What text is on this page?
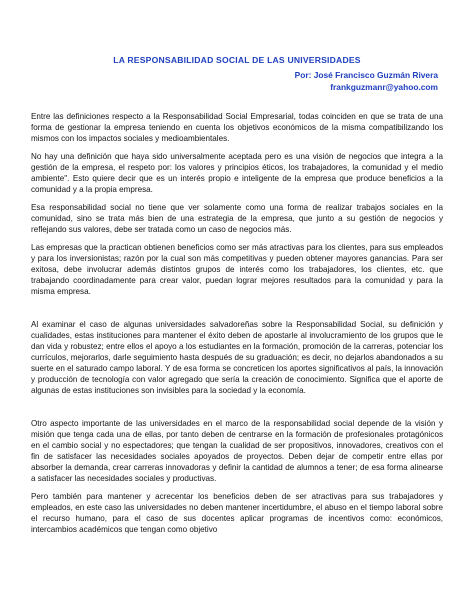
LA RESPONSABILIDAD SOCIAL DE LAS UNIVERSIDADES
Por: José Francisco Guzmán Rivera
frankguzmanr@yahoo.com

Entre las definiciones respecto a la Responsabilidad Social Empresarial, todas coinciden en que se trata de una forma de gestionar la empresa teniendo en cuenta los objetivos económicos de la misma compatibilizando los mismos con los impactos sociales y medioambientales.

No hay una definición que haya sido universalmente aceptada pero es una visión de negocios que integra a la gestión de la empresa, el respeto por: los valores y principios éticos, los trabajadores, la comunidad y el medio ambiente". Esto quiere decir que es un interés propio e inteligente de la empresa que produce beneficios a la comunidad y a la propia empresa.

Esa responsabilidad social no tiene que ver solamente como una forma de realizar trabajos sociales en la comunidad, sino se trata más bien de una estrategia de la empresa, que junto a su gestión de negocios y reflejando sus valores, debe ser tratada como un caso de negocios más.

Las empresas que la practican obtienen beneficios como ser más atractivas para los clientes, para sus empleados y para los inversionistas; razón por la cual son más competitivas y pueden obtener mayores ganancias. Para ser exitosa, debe involucrar además distintos grupos de interés como los trabajadores, los clientes, etc. que trabajando coordinadamente para crear valor, puedan lograr mejores resultados para la comunidad y para la misma empresa.

Al examinar el caso de algunas universidades salvadoreñas sobre la Responsabilidad Social, su definición y cualidades, estas instituciones para mantener el éxito deben de apostarle al involucramiento de los grupos que le dan vida y robustez; entre ellos el apoyo a los estudiantes en la formación, promoción de la carreras, potenciar los currículos, mejorarlos, darle seguimiento hasta después de su graduación; es decir, no dejarlos abandonados a su suerte en el saturado campo laboral. Y de esa forma se concreticen los aportes significativos al país, la innovación y producción de tecnología con valor agregado que sería la creación de conocimiento. Significa que el aporte de algunas de estas instituciones son invisibles para la sociedad y la economía.

Otro aspecto importante de las universidades en el marco de la responsabilidad social depende de la visión y misión que tenga cada una de ellas, por tanto deben de centrarse en la formación de profesionales protagónicos en el cambio social y no espectadores; que tengan la cualidad de ser propositivos, innovadores, creativos con el fin de satisfacer las necesidades sociales apoyados de proyectos. Deben dejar de competir entre ellas por absorber la demanda, crear carreras innovadoras y definir la cantidad de alumnos a tener; de esa forma alinearse a satisfacer las necesidades sociales y productivas.

Pero también para mantener y acrecentar los beneficios deben de ser atractivas para sus trabajadores y empleados, en este caso las universidades no deben mantener incertidumbre, el abuso en el tiempo laboral sobre el recurso humano, para el caso de sus docentes aplicar programas de incentivos como: económicos, intercambios académicos que tengan como objetivo
